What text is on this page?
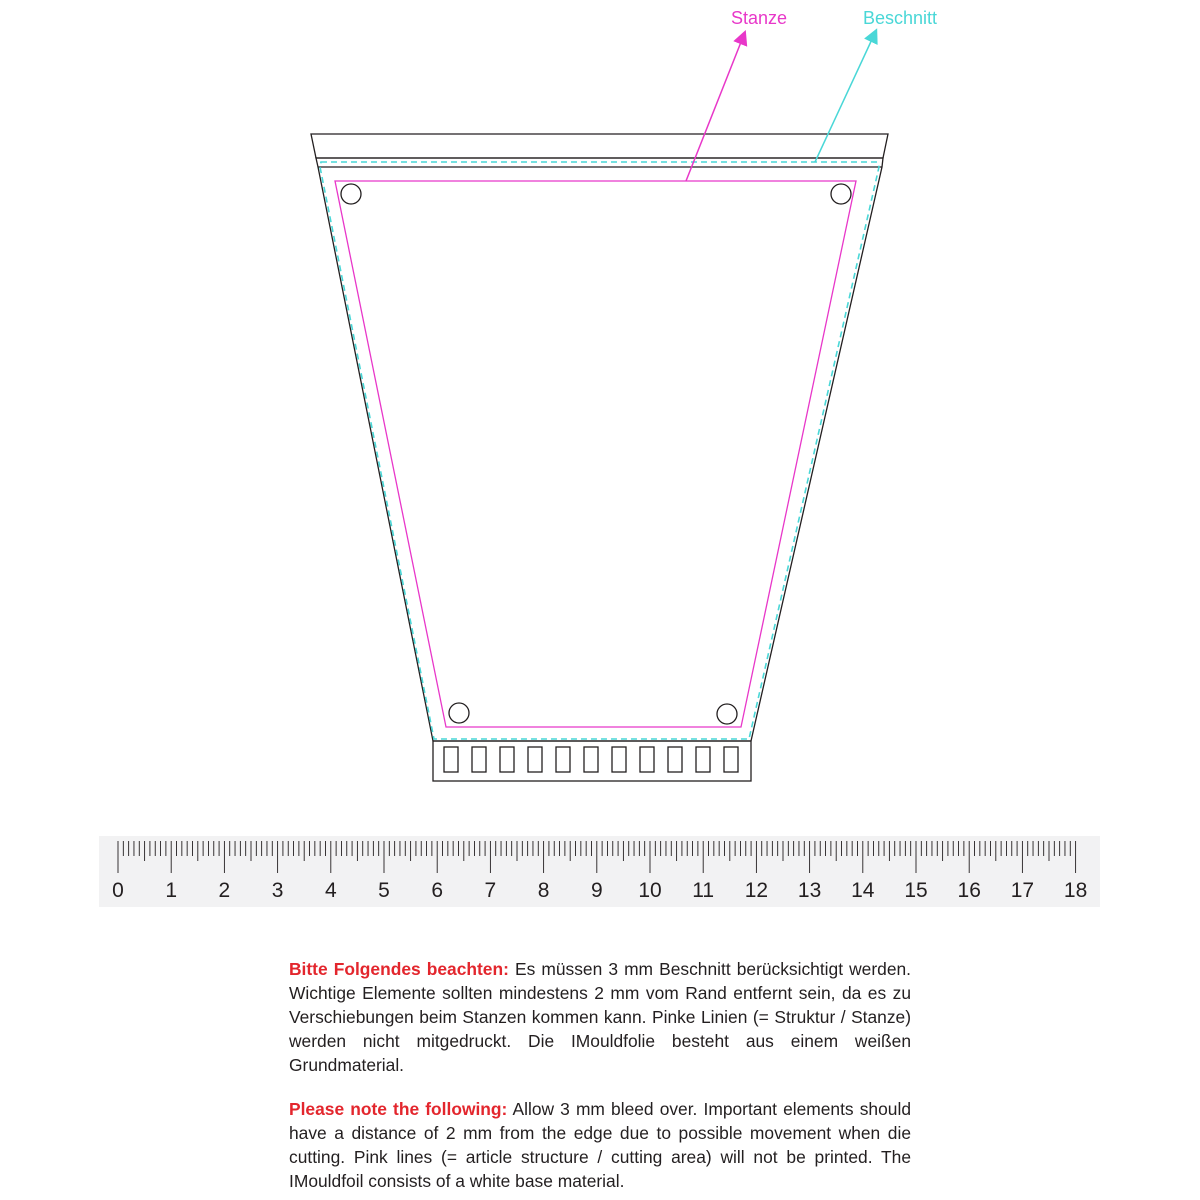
Stanze	Beschnitt
0 1 2 3 4 5 6 7 8 9 10 11 12 13 14 15 16 17 18
Bitte Folgendes beachten: Es müssen 3 mm Beschnitt berücksichtigt werden. Wichtige Elemente sollten mindestens 2 mm vom Rand entfernt sein, da es zu Verschiebungen beim Stanzen kommen kann. Pinke Linien (= Struktur / Stanze) werden nicht mitgedruckt. Die IMouldfolie besteht aus einem weißen Grundmaterial.
Please note the following: Allow 3 mm bleed over. Important elements should have a distance of 2 mm from the edge due to possible movement when die cutting. Pink lines (= article structure / cutting area) will not be printed. The IMouldfoil consists of a white base material.
